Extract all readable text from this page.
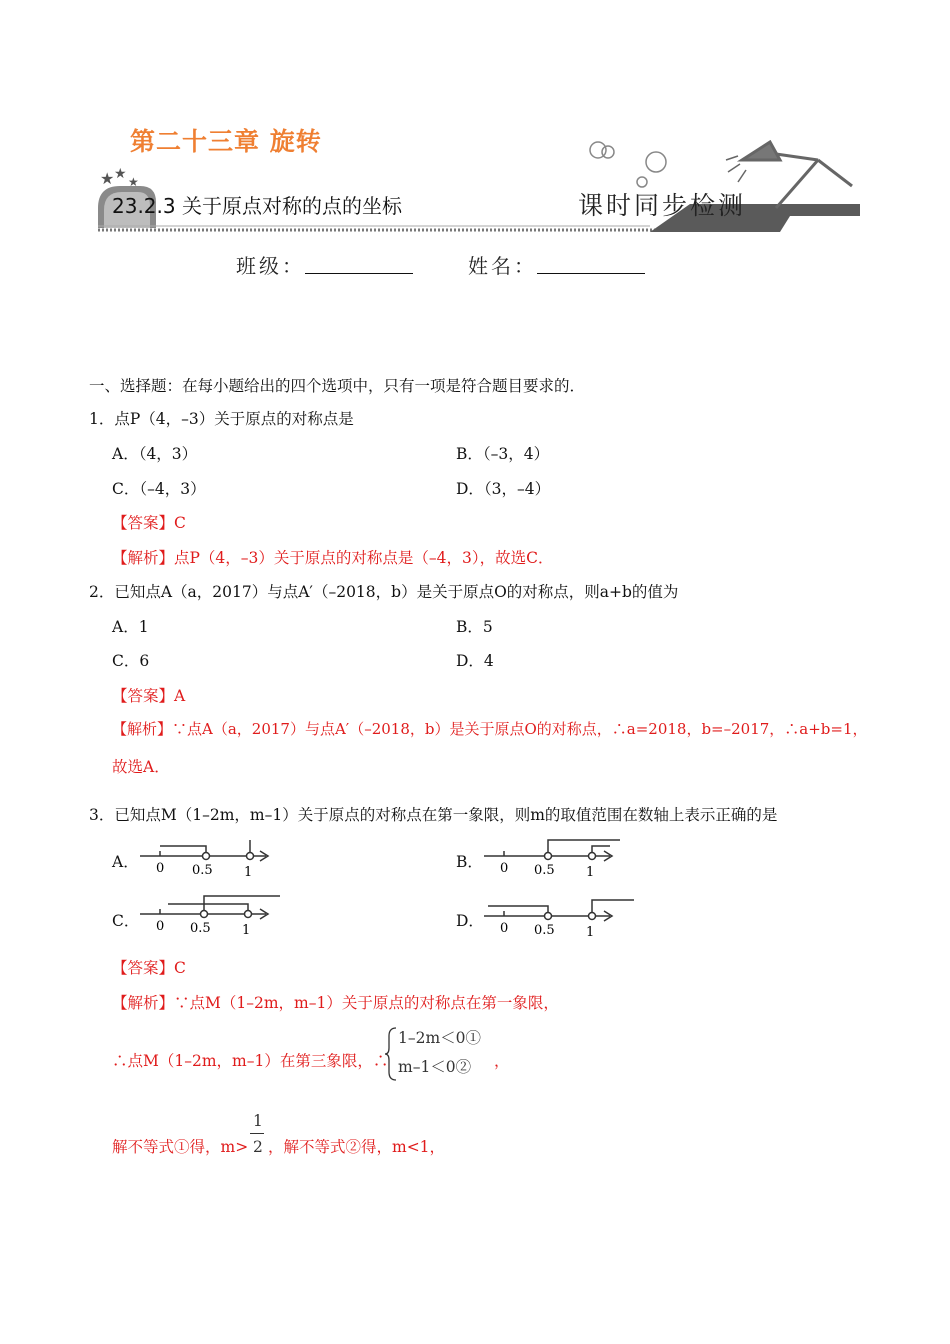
★ ★ ★
第二十三章 旋转
23.2.3 关于原点对称的点的坐标	课时同步检测
班级：	姓名：
一、选择题：在每小题给出的四个选项中，只有一项是符合题目要求的．
1．点P（4，–3）关于原点的对称点是
A．（4，3）	B．（–3，4）
C．（–4，3）	D．（3，–4）
【答案】C
【解析】点P（4，–3）关于原点的对称点是（–4，3），故选C．
2．已知点A（a，2017）与点A′（–2018，b）是关于原点O的对称点，则a+b的值为
A．1	B．5
C．6	D．4
【答案】A
【解析】∵点A（a，2017）与点A′（–2018，b）是关于原点O的对称点，∴a=2018，b=–2017，∴a+b=1，
故选A．
3．已知点M（1–2m，m–1）关于原点的对称点在第一象限，则m的取值范围在数轴上表示正确的是
A．	B．
C．	D．
0 0.5 1	0 0.5 1
0 0.5 1	0 0.5 1
【答案】C
【解析】∵点M（1–2m，m–1）关于原点的对称点在第一象限，
∴点M（1–2m，m–1）在第三象限，∴
1–2m＜0①
m–1＜0② ，
解不等式①得，m>
1
2 ，解不等式②得，m<1，
